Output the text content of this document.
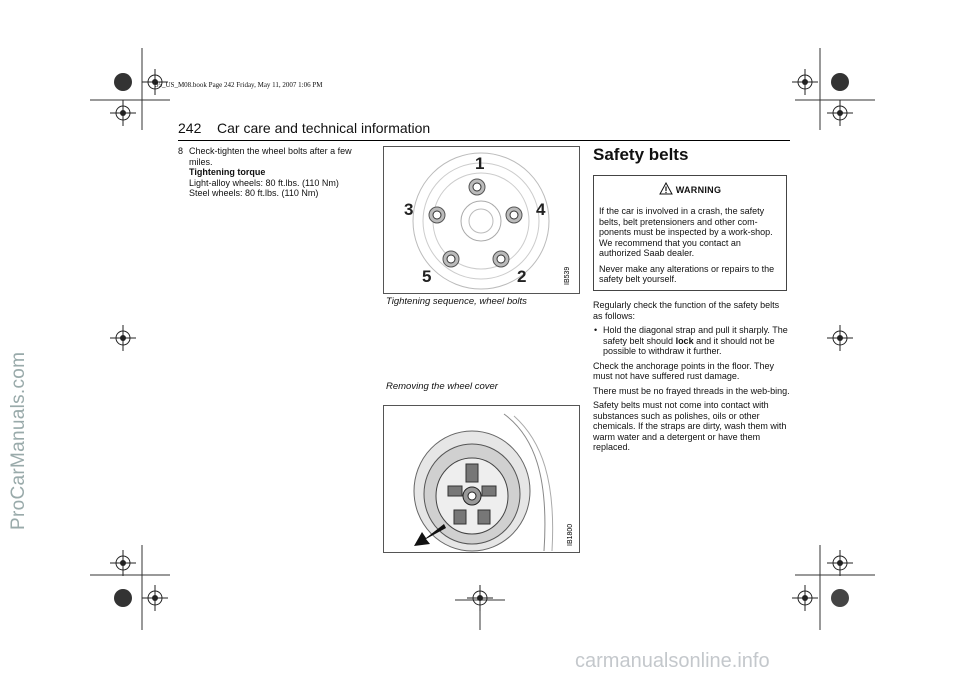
95_US_M08.book Page 242 Friday, May 11, 2007 1:06 PM
ProCarManuals.com
carmanualsonline.info
242 Car care and technical information
8 Check-tighten the wheel bolts after a few miles.
Tightening torque
Light-alloy wheels: 80 ft.lbs. (110 Nm)
Steel wheels: 80 ft.lbs. (110 Nm)
1
2
3	4
5	IB539
Tightening sequence, wheel bolts
Removing the wheel cover
IB1800
Safety belts
WARNING

If the car is involved in a crash, the safety belts, belt pretensioners and other com-ponents must be inspected by a work-shop. We recommend that you contact an authorized Saab dealer.

Never make any alterations or repairs to the safety belt yourself.

Regularly check the function of the safety belts as follows:

• Hold the diagonal strap and pull it sharply. The safety belt should lock and it should not be possible to withdraw it further.

Check the anchorage points in the floor. They must not have suffered rust damage.

There must be no frayed threads in the web-bing.

Safety belts must not come into contact with substances such as polishes, oils or other chemicals. If the straps are dirty, wash them with warm water and a detergent or have them replaced.
